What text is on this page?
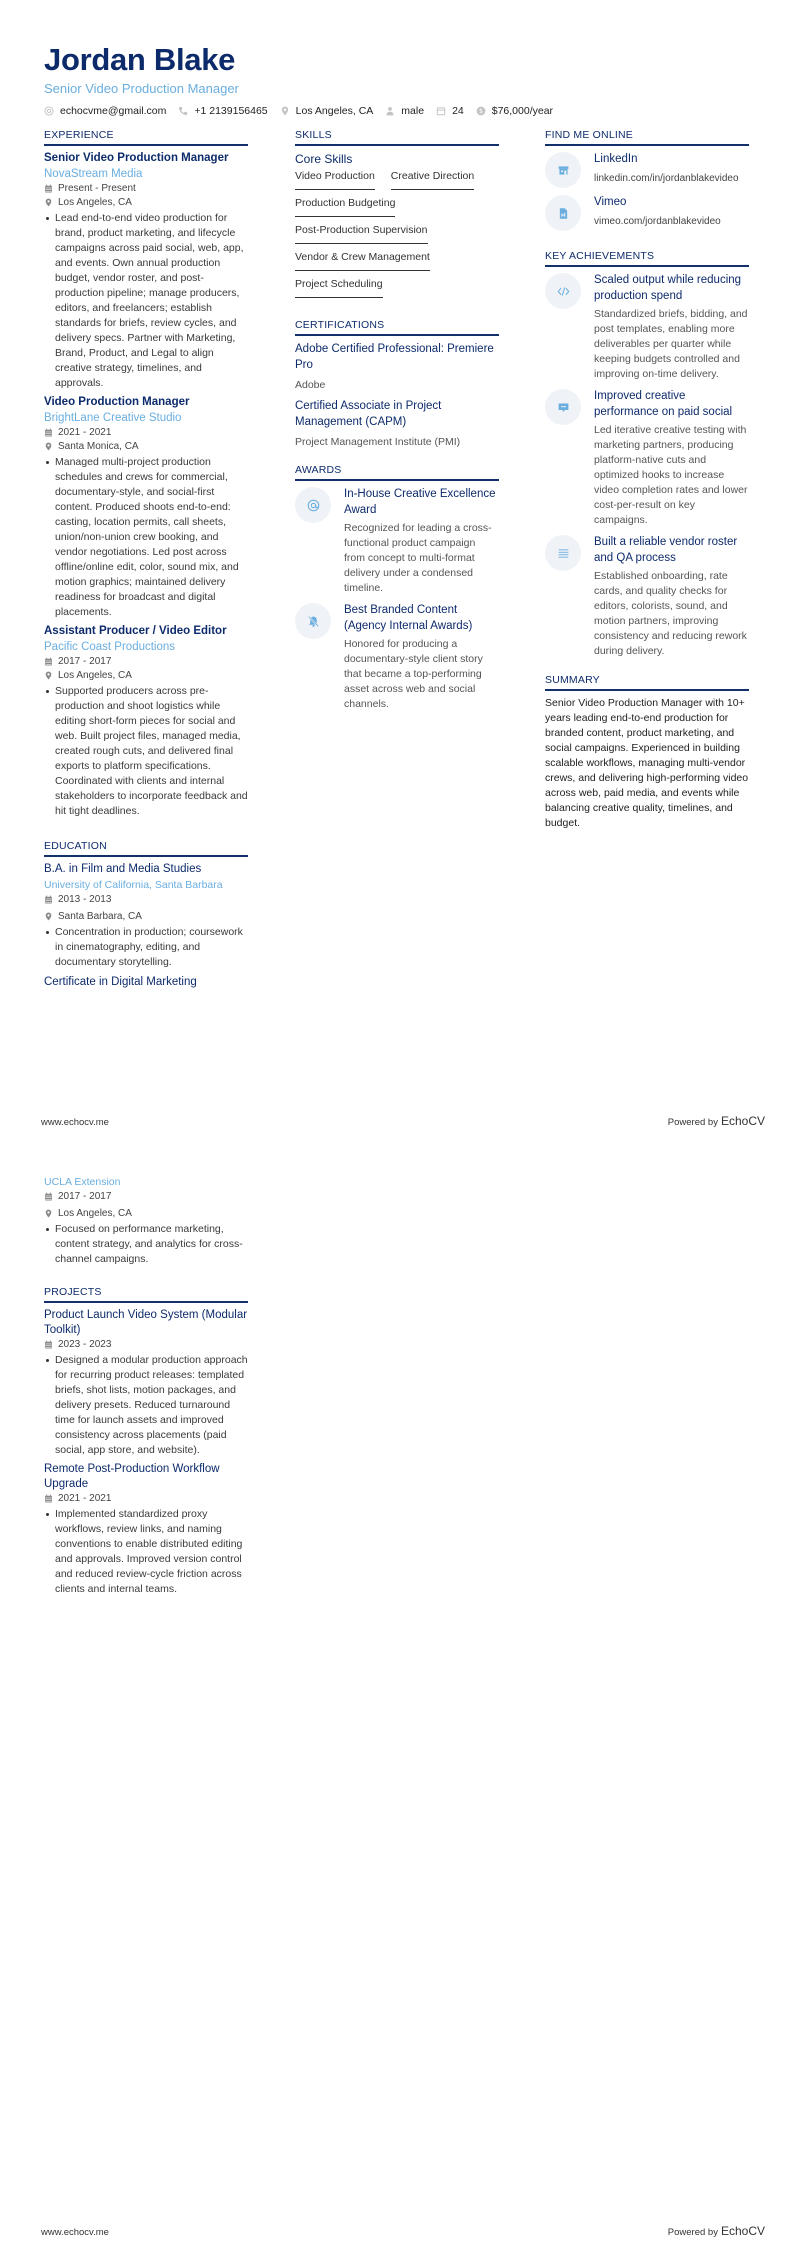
Jordan Blake
Senior Video Production Manager
echocvme@gmail.com	+1 2139156465	Los Angeles, CA	male	24 $ $76,000/year
EXPERIENCE
Senior Video Production Manager
NovaStream Media
Present - Present
Los Angeles, CA
Lead end-to-end video production for brand, product marketing, and lifecycle campaigns across paid social, web, app, and events. Own annual production budget, vendor roster, and post-production pipeline; manage producers, editors, and freelancers; establish standards for briefs, review cycles, and delivery specs. Partner with Marketing, Brand, Product, and Legal to align creative strategy, timelines, and approvals.
Video Production Manager
BrightLane Creative Studio
2021 - 2021
Santa Monica, CA
Managed multi-project production schedules and crews for commercial, documentary-style, and social-first content. Produced shoots end-to-end: casting, location permits, call sheets, union/non-union crew booking, and vendor negotiations. Led post across offline/online edit, color, sound mix, and motion graphics; maintained delivery readiness for broadcast and digital placements.
Assistant Producer / Video Editor
Pacific Coast Productions
2017 - 2017
Los Angeles, CA
Supported producers across pre-production and shoot logistics while editing short-form pieces for social and web. Built project files, managed media, created rough cuts, and delivered final exports to platform specifications. Coordinated with clients and internal stakeholders to incorporate feedback and hit tight deadlines.
EDUCATION
B.A. in Film and Media Studies
University of California, Santa Barbara
2013 - 2013
Santa Barbara, CA
Concentration in production; coursework in cinematography, editing, and documentary storytelling.
Certificate in Digital Marketing
SKILLS
Core Skills
Video Production Creative Direction
Production Budgeting
Post-Production Supervision
Vendor & Crew Management
Project Scheduling
CERTIFICATIONS
Adobe Certified Professional: Premiere Pro
Adobe
Certified Associate in Project Management (CAPM)
Project Management Institute (PMI)
AWARDS
In-House Creative Excellence Award
Recognized for leading a cross-functional product campaign from concept to multi-format delivery under a condensed timeline.
Best Branded Content (Agency Internal Awards)
Honored for producing a documentary-style client story that became a top-performing asset across web and social channels.
FIND ME ONLINE
LinkedIn
linkedin.com/in/jordanblakevideo
Vimeo
vimeo.com/jordanblakevideo
KEY ACHIEVEMENTS
Scaled output while reducing production spend
Standardized briefs, bidding, and post templates, enabling more deliverables per quarter while keeping budgets controlled and improving on-time delivery.
Improved creative performance on paid social
Led iterative creative testing with marketing partners, producing platform-native cuts and optimized hooks to increase video completion rates and lower cost-per-result on key campaigns.
Built a reliable vendor roster and QA process
Established onboarding, rate cards, and quality checks for editors, colorists, sound, and motion partners, improving consistency and reducing rework during delivery.
SUMMARY
Senior Video Production Manager with 10+ years leading end-to-end production for branded content, product marketing, and social campaigns. Experienced in building scalable workflows, managing multi-vendor crews, and delivering high-performing video across web, paid media, and events while balancing creative quality, timelines, and budget.
www.echocv.me	Powered by EchoCV
UCLA Extension
2017 - 2017
Los Angeles, CA
Focused on performance marketing, content strategy, and analytics for cross-channel campaigns.
PROJECTS
Product Launch Video System (Modular Toolkit)
2023 - 2023
Designed a modular production approach for recurring product releases: templated briefs, shot lists, motion packages, and delivery presets. Reduced turnaround time for launch assets and improved consistency across placements (paid social, app store, and website).
Remote Post-Production Workflow Upgrade
2021 - 2021
Implemented standardized proxy workflows, review links, and naming conventions to enable distributed editing and approvals. Improved version control and reduced review-cycle friction across clients and internal teams.
www.echocv.me	Powered by EchoCV
